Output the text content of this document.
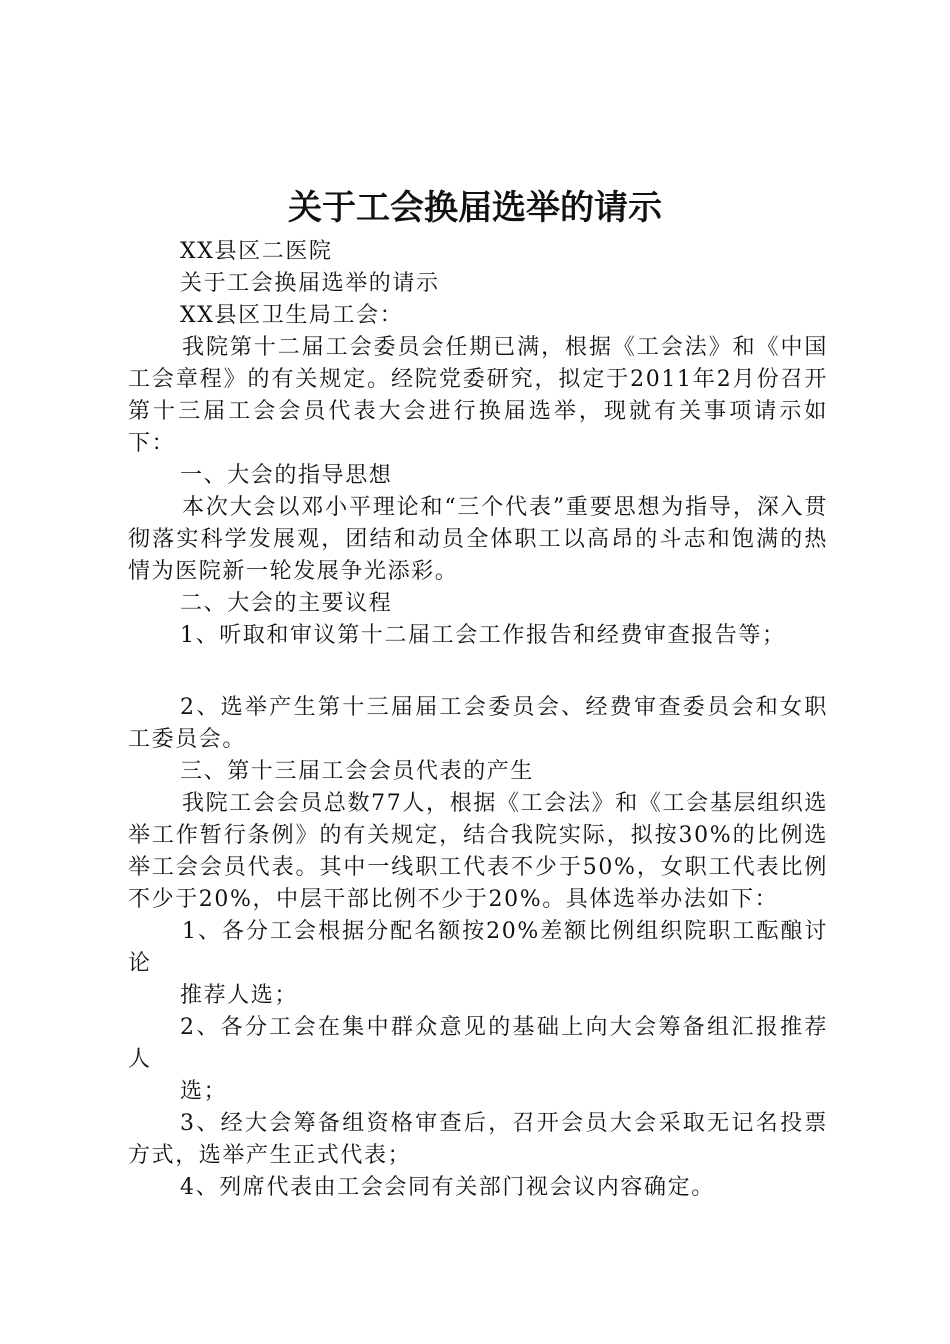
关于工会换届选举的请示

XX县区二医院

关于工会换届选举的请示

XX县区卫生局工会：

我院第十二届工会委员会任期已满，根据《工会法》和《中国工会章程》的有关规定。经院党委研究，拟定于2011年2月份召开第十三届工会会员代表大会进行换届选举，现就有关事项请示如下：

一、大会的指导思想

本次大会以邓小平理论和“三个代表”重要思想为指导，深入贯彻落实科学发展观，团结和动员全体职工以高昂的斗志和饱满的热情为医院新一轮发展争光添彩。

二、大会的主要议程

1、听取和审议第十二届工会工作报告和经费审查报告等；

2、选举产生第十三届届工会委员会、经费审查委员会和女职工委员会。

三、第十三届工会会员代表的产生

我院工会会员总数77人，根据《工会法》和《工会基层组织选举工作暂行条例》的有关规定，结合我院实际，拟按30%的比例选举工会会员代表。其中一线职工代表不少于50%，女职工代表比例不少于20%，中层干部比例不少于20%。具体选举办法如下：

1、各分工会根据分配名额按20%差额比例组织院职工酝酿讨论

推荐人选；

2、各分工会在集中群众意见的基础上向大会筹备组汇报推荐人

选；

3、经大会筹备组资格审查后，召开会员大会采取无记名投票方式，选举产生正式代表；

4、列席代表由工会会同有关部门视会议内容确定。
